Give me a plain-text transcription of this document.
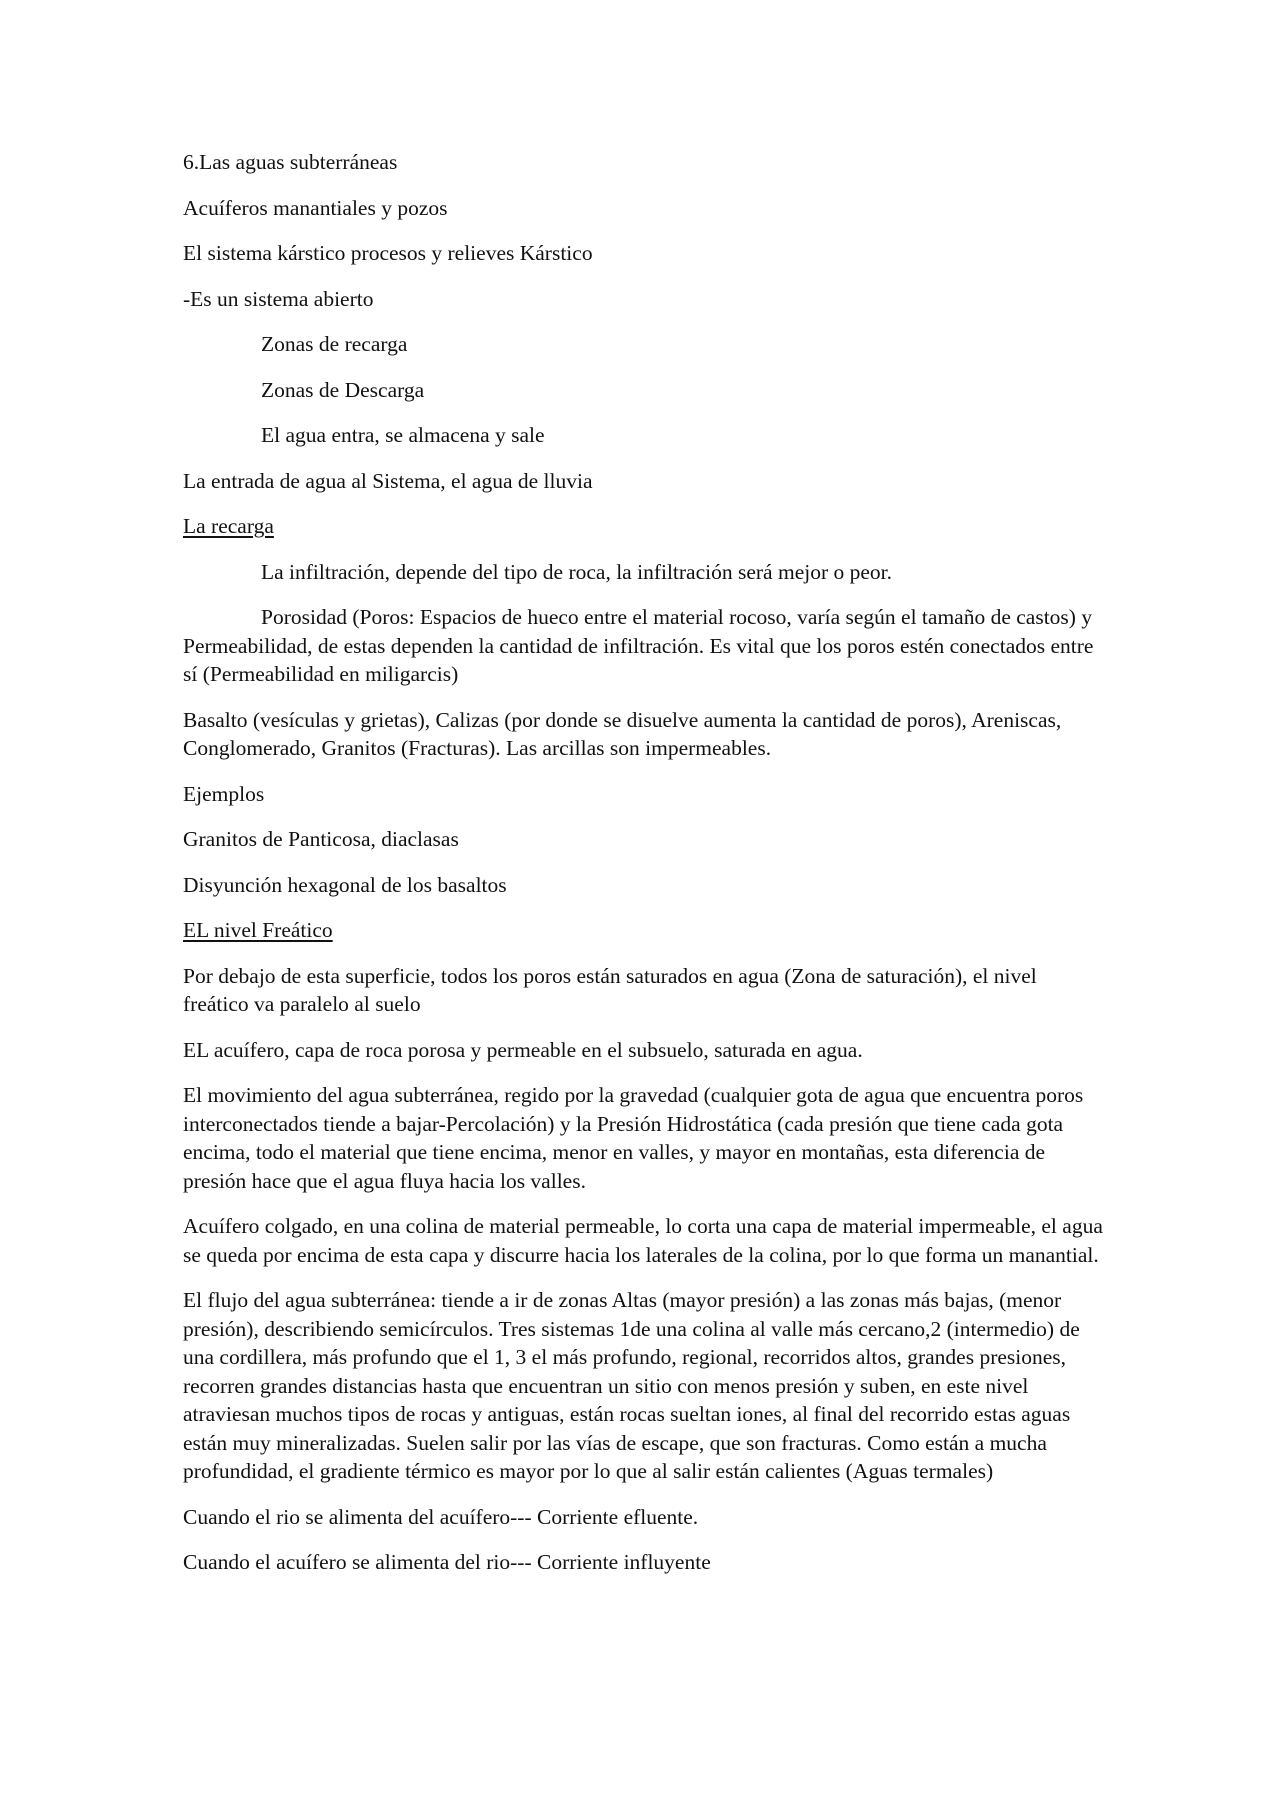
6.Las aguas subterráneas

Acuíferos manantiales y pozos

El sistema kárstico procesos y relieves Kárstico

-Es un sistema abierto

Zonas de recarga

Zonas de Descarga

El agua entra, se almacena y sale

La entrada de agua al Sistema, el agua de lluvia

La recarga

La infiltración, depende del tipo de roca, la infiltración será mejor o peor.

Porosidad (Poros: Espacios de hueco entre el material rocoso, varía según el tamaño de castos) y Permeabilidad, de estas dependen la cantidad de infiltración. Es vital que los poros estén conectados entre sí (Permeabilidad en miligarcis)

Basalto (vesículas y grietas), Calizas (por donde se disuelve aumenta la cantidad de poros), Areniscas, Conglomerado, Granitos (Fracturas). Las arcillas son impermeables.

Ejemplos

Granitos de Panticosa, diaclasas

Disyunción hexagonal de los basaltos

EL nivel Freático

Por debajo de esta superficie, todos los poros están saturados en agua (Zona de saturación), el nivel freático va paralelo al suelo

EL acuífero, capa de roca porosa y permeable en el subsuelo, saturada en agua.

El movimiento del agua subterránea, regido por la gravedad (cualquier gota de agua que encuentra poros interconectados tiende a bajar-Percolación) y la Presión Hidrostática (cada presión que tiene cada gota encima, todo el material que tiene encima, menor en valles, y mayor en montañas, esta diferencia de presión hace que el agua fluya hacia los valles.

Acuífero colgado, en una colina de material permeable, lo corta una capa de material impermeable, el agua se queda por encima de esta capa y discurre hacia los laterales de la colina, por lo que forma un manantial.

El flujo del agua subterránea: tiende a ir de zonas Altas (mayor presión) a las zonas más bajas, (menor presión), describiendo semicírculos. Tres sistemas 1de una colina al valle más cercano,2 (intermedio) de una cordillera, más profundo que el 1, 3 el más profundo, regional, recorridos altos, grandes presiones, recorren grandes distancias hasta que encuentran un sitio con menos presión y suben, en este nivel atraviesan muchos tipos de rocas y antiguas, están rocas sueltan iones, al final del recorrido estas aguas están muy mineralizadas. Suelen salir por las vías de escape, que son fracturas. Como están a mucha profundidad, el gradiente térmico es mayor por lo que al salir están calientes (Aguas termales)

Cuando el rio se alimenta del acuífero--- Corriente efluente.

Cuando el acuífero se alimenta del rio--- Corriente influyente
